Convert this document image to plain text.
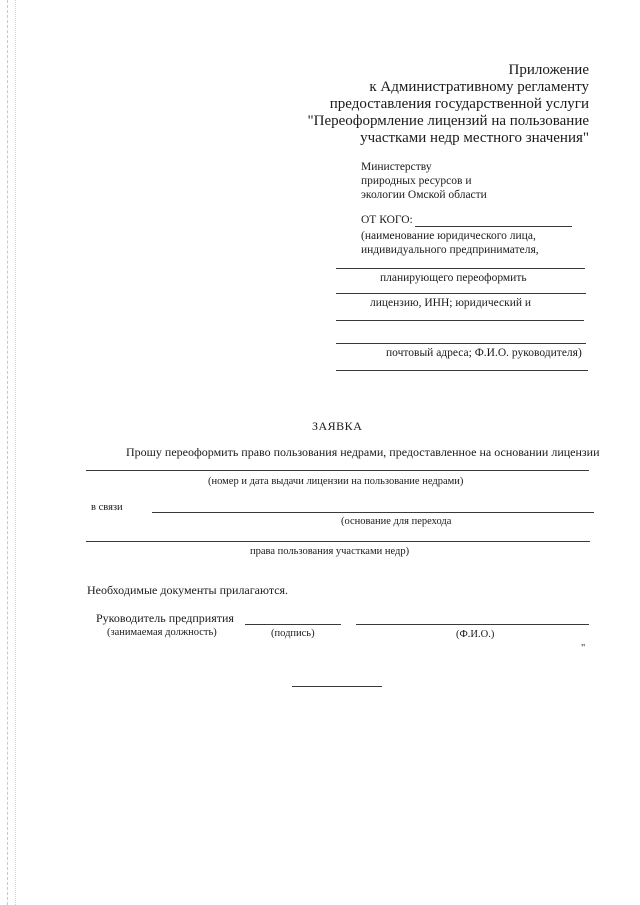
Приложение
к Административному регламенту
предоставления государственной услуги
"Переоформление лицензий на пользование
участками недр местного значения"
Министерству
природных ресурсов и
экологии Омской области
ОТ КОГО:
(наименование юридического лица,
индивидуального предпринимателя,
планирующего переоформить
лицензию, ИНН; юридический и
почтовый адреса; Ф.И.О. руководителя)
ЗАЯВКА
Прошу переоформить право пользования недрами, предоставленное на основании лицензии
(номер и дата выдачи лицензии на пользование недрами)
в связи
(основание для перехода
права пользования участками недр)
Необходимые документы прилагаются.
Руководитель предприятия
(занимаемая должность)	(подпись)	(Ф.И.О.)
"
